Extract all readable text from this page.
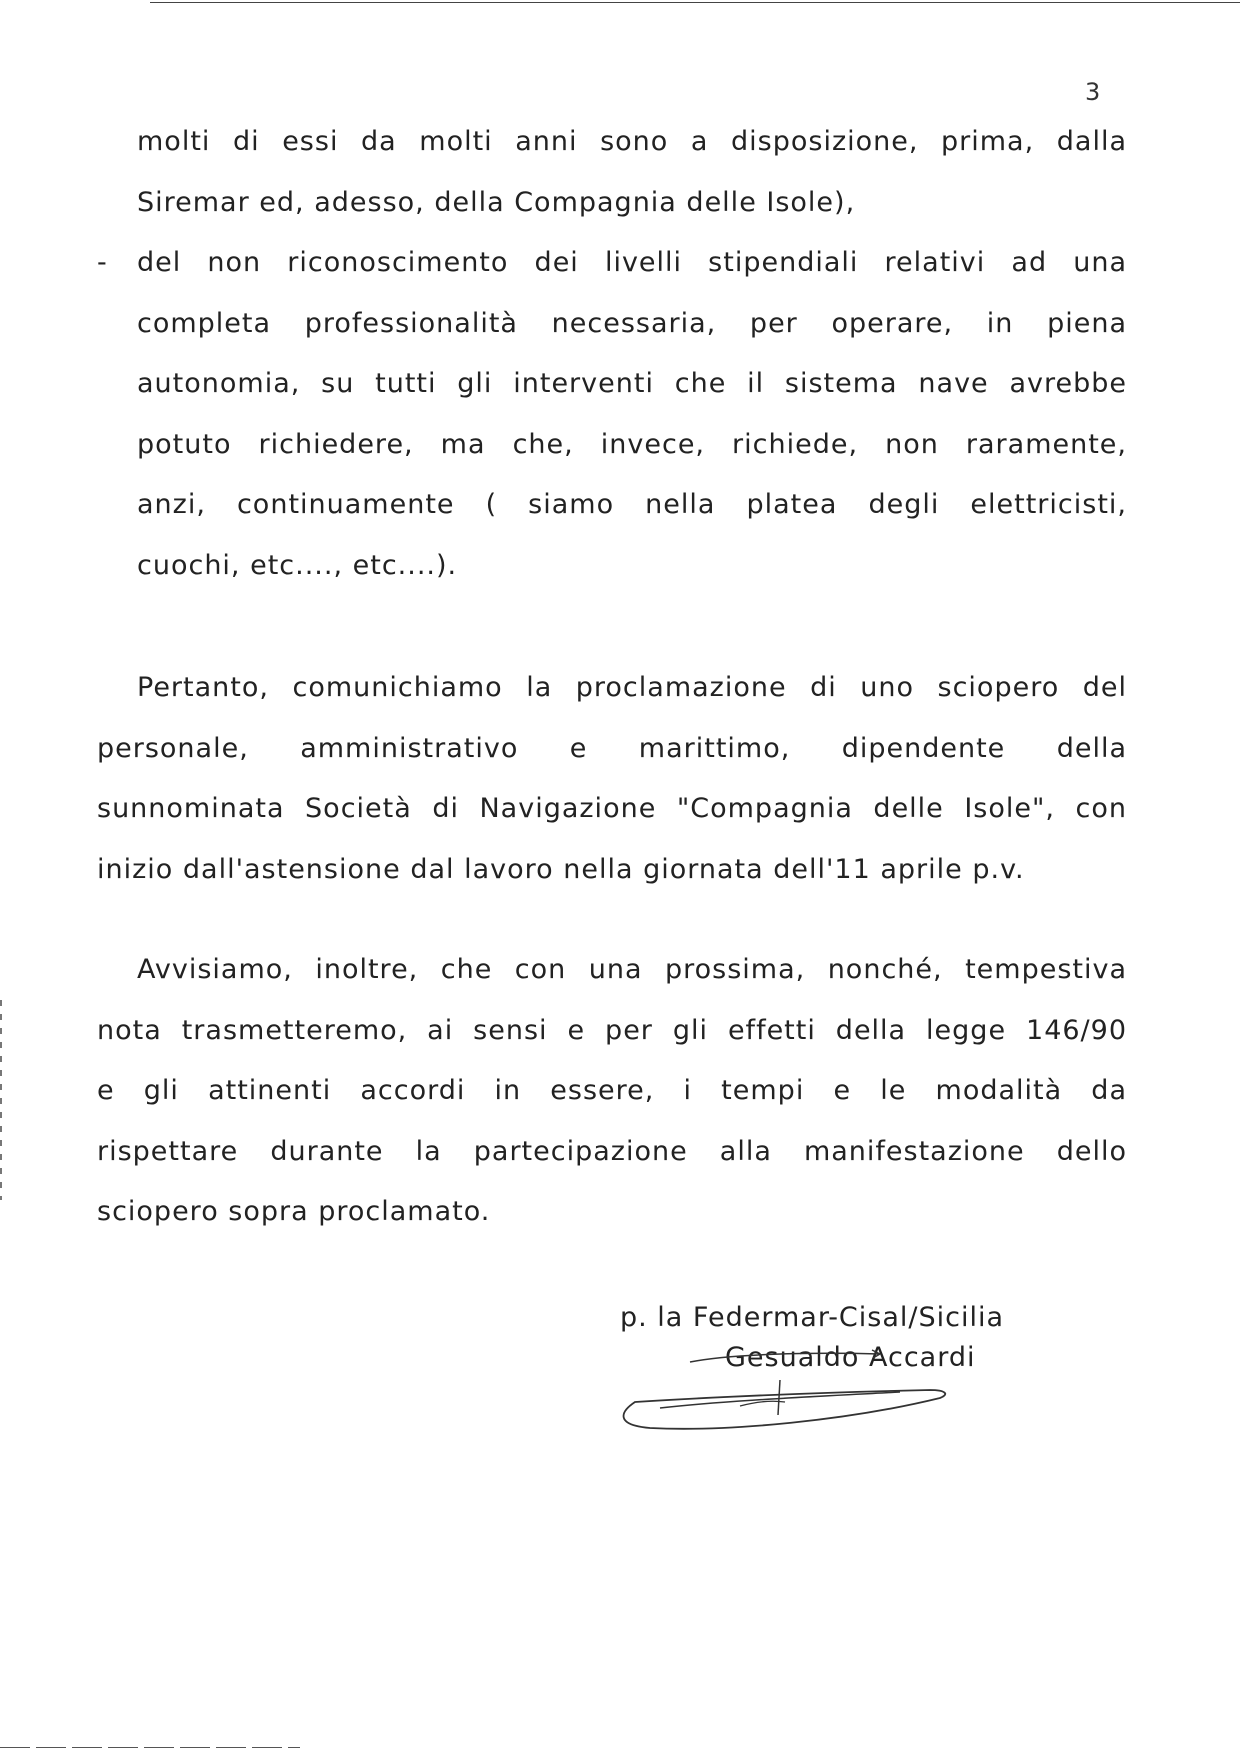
3
molti di essi da molti anni sono a disposizione, prima, dalla
Siremar ed, adesso, della Compagnia delle Isole),
-	del non riconoscimento dei livelli stipendiali relativi ad una
completa professionalità necessaria, per operare, in piena
autonomia, su tutti gli interventi che il sistema nave avrebbe
potuto richiedere, ma che, invece, richiede, non raramente,
anzi, continuamente ( siamo nella platea degli elettricisti,
cuochi, etc...., etc....).
Pertanto, comunichiamo la proclamazione di uno sciopero del
personale, amministrativo e marittimo, dipendente della
sunnominata Società di Navigazione "Compagnia delle Isole", con
inizio dall'astensione dal lavoro nella giornata dell'11 aprile p.v.
Avvisiamo, inoltre, che con una prossima, nonché, tempestiva
nota trasmetteremo, ai sensi e per gli effetti della legge 146/90
e gli attinenti accordi in essere, i tempi e le modalità da
rispettare durante la partecipazione alla manifestazione dello
sciopero sopra proclamato.
p. la Federmar-Cisal/Sicilia
Gesualdo Accardi
